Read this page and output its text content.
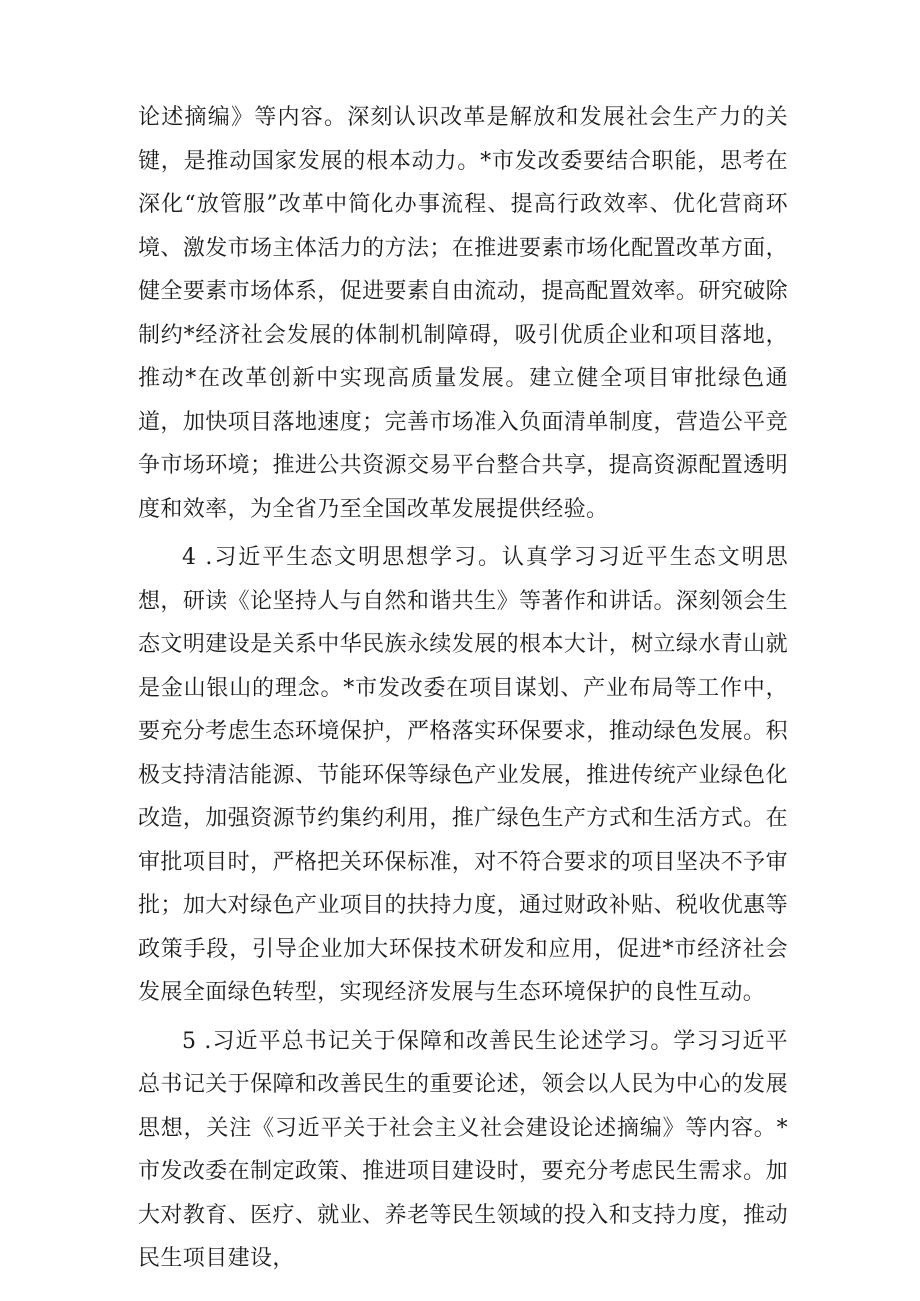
论述摘编》等内容。深刻认识改革是解放和发展社会生产力的关键，是推动国家发展的根本动力。*市发改委要结合职能，思考在深化“放管服”改革中简化办事流程、提高行政效率、优化营商环境、激发市场主体活力的方法；在推进要素市场化配置改革方面，健全要素市场体系，促进要素自由流动，提高配置效率。研究破除制约*经济社会发展的体制机制障碍，吸引优质企业和项目落地，推动*在改革创新中实现高质量发展。建立健全项目审批绿色通道，加快项目落地速度；完善市场准入负面清单制度，营造公平竞争市场环境；推进公共资源交易平台整合共享，提高资源配置透明度和效率，为全省乃至全国改革发展提供经验。

4 .习近平生态文明思想学习。认真学习习近平生态文明思想，研读《论坚持人与自然和谐共生》等著作和讲话。深刻领会生态文明建设是关系中华民族永续发展的根本大计，树立绿水青山就是金山银山的理念。*市发改委在项目谋划、产业布局等工作中，要充分考虑生态环境保护，严格落实环保要求，推动绿色发展。积极支持清洁能源、节能环保等绿色产业发展，推进传统产业绿色化改造，加强资源节约集约利用，推广绿色生产方式和生活方式。在审批项目时，严格把关环保标准，对不符合要求的项目坚决不予审批；加大对绿色产业项目的扶持力度，通过财政补贴、税收优惠等政策手段，引导企业加大环保技术研发和应用，促进*市经济社会发展全面绿色转型，实现经济发展与生态环境保护的良性互动。

5 .习近平总书记关于保障和改善民生论述学习。学习习近平总书记关于保障和改善民生的重要论述，领会以人民为中心的发展思想，关注《习近平关于社会主义社会建设论述摘编》等内容。*市发改委在制定政策、推进项目建设时，要充分考虑民生需求。加大对教育、医疗、就业、养老等民生领域的投入和支持力度，推动民生项目建设，
